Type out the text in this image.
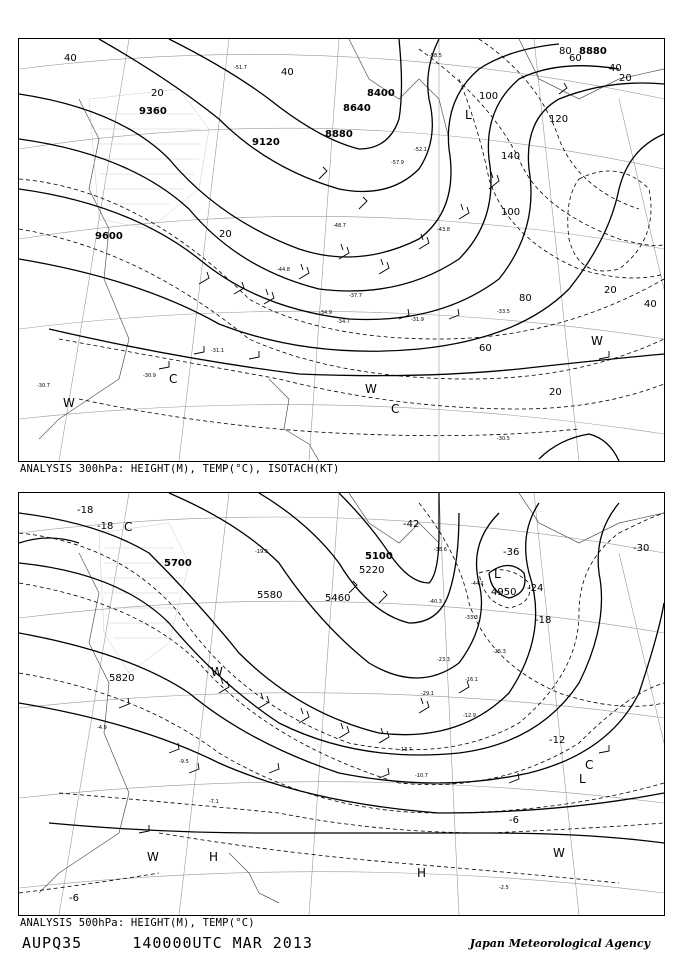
9600
9360
9120
8880
8640
8400
8880
40
20
40
20
60
80
100
120
140
100
80
60
40
20
40
20
20
-58.5
-57.9
-52.1
-51.7
-48.7
-44.8
-43.8
-37.7
-34.9
-34.7
-33.5
-31.9
-31.1
-30.7
-30.5
-30.9
L
C
W	C
W
W
ANALYSIS 300hPa: HEIGHT(M), TEMP(°C), ISOTACH(KT)
5700
5580	5460
5100
5220
5820
4950
-18
-18	-42
-36	-30
-24
-18
-12
-6
-6
-44.1
-40.3
-38.6
-33.3
-29.1
-25.3
-23.3
-19.3
-16.1
-13.7
-12.9
-10.7
-9.5
-7.1
-4.9
-2.5
C
L
W
H
H
W	W
C
L
ANALYSIS 500hPa: HEIGHT(M), TEMP(°C)
AUPQ35	140000UTC MAR 2013	Japan Meteorological Agency
